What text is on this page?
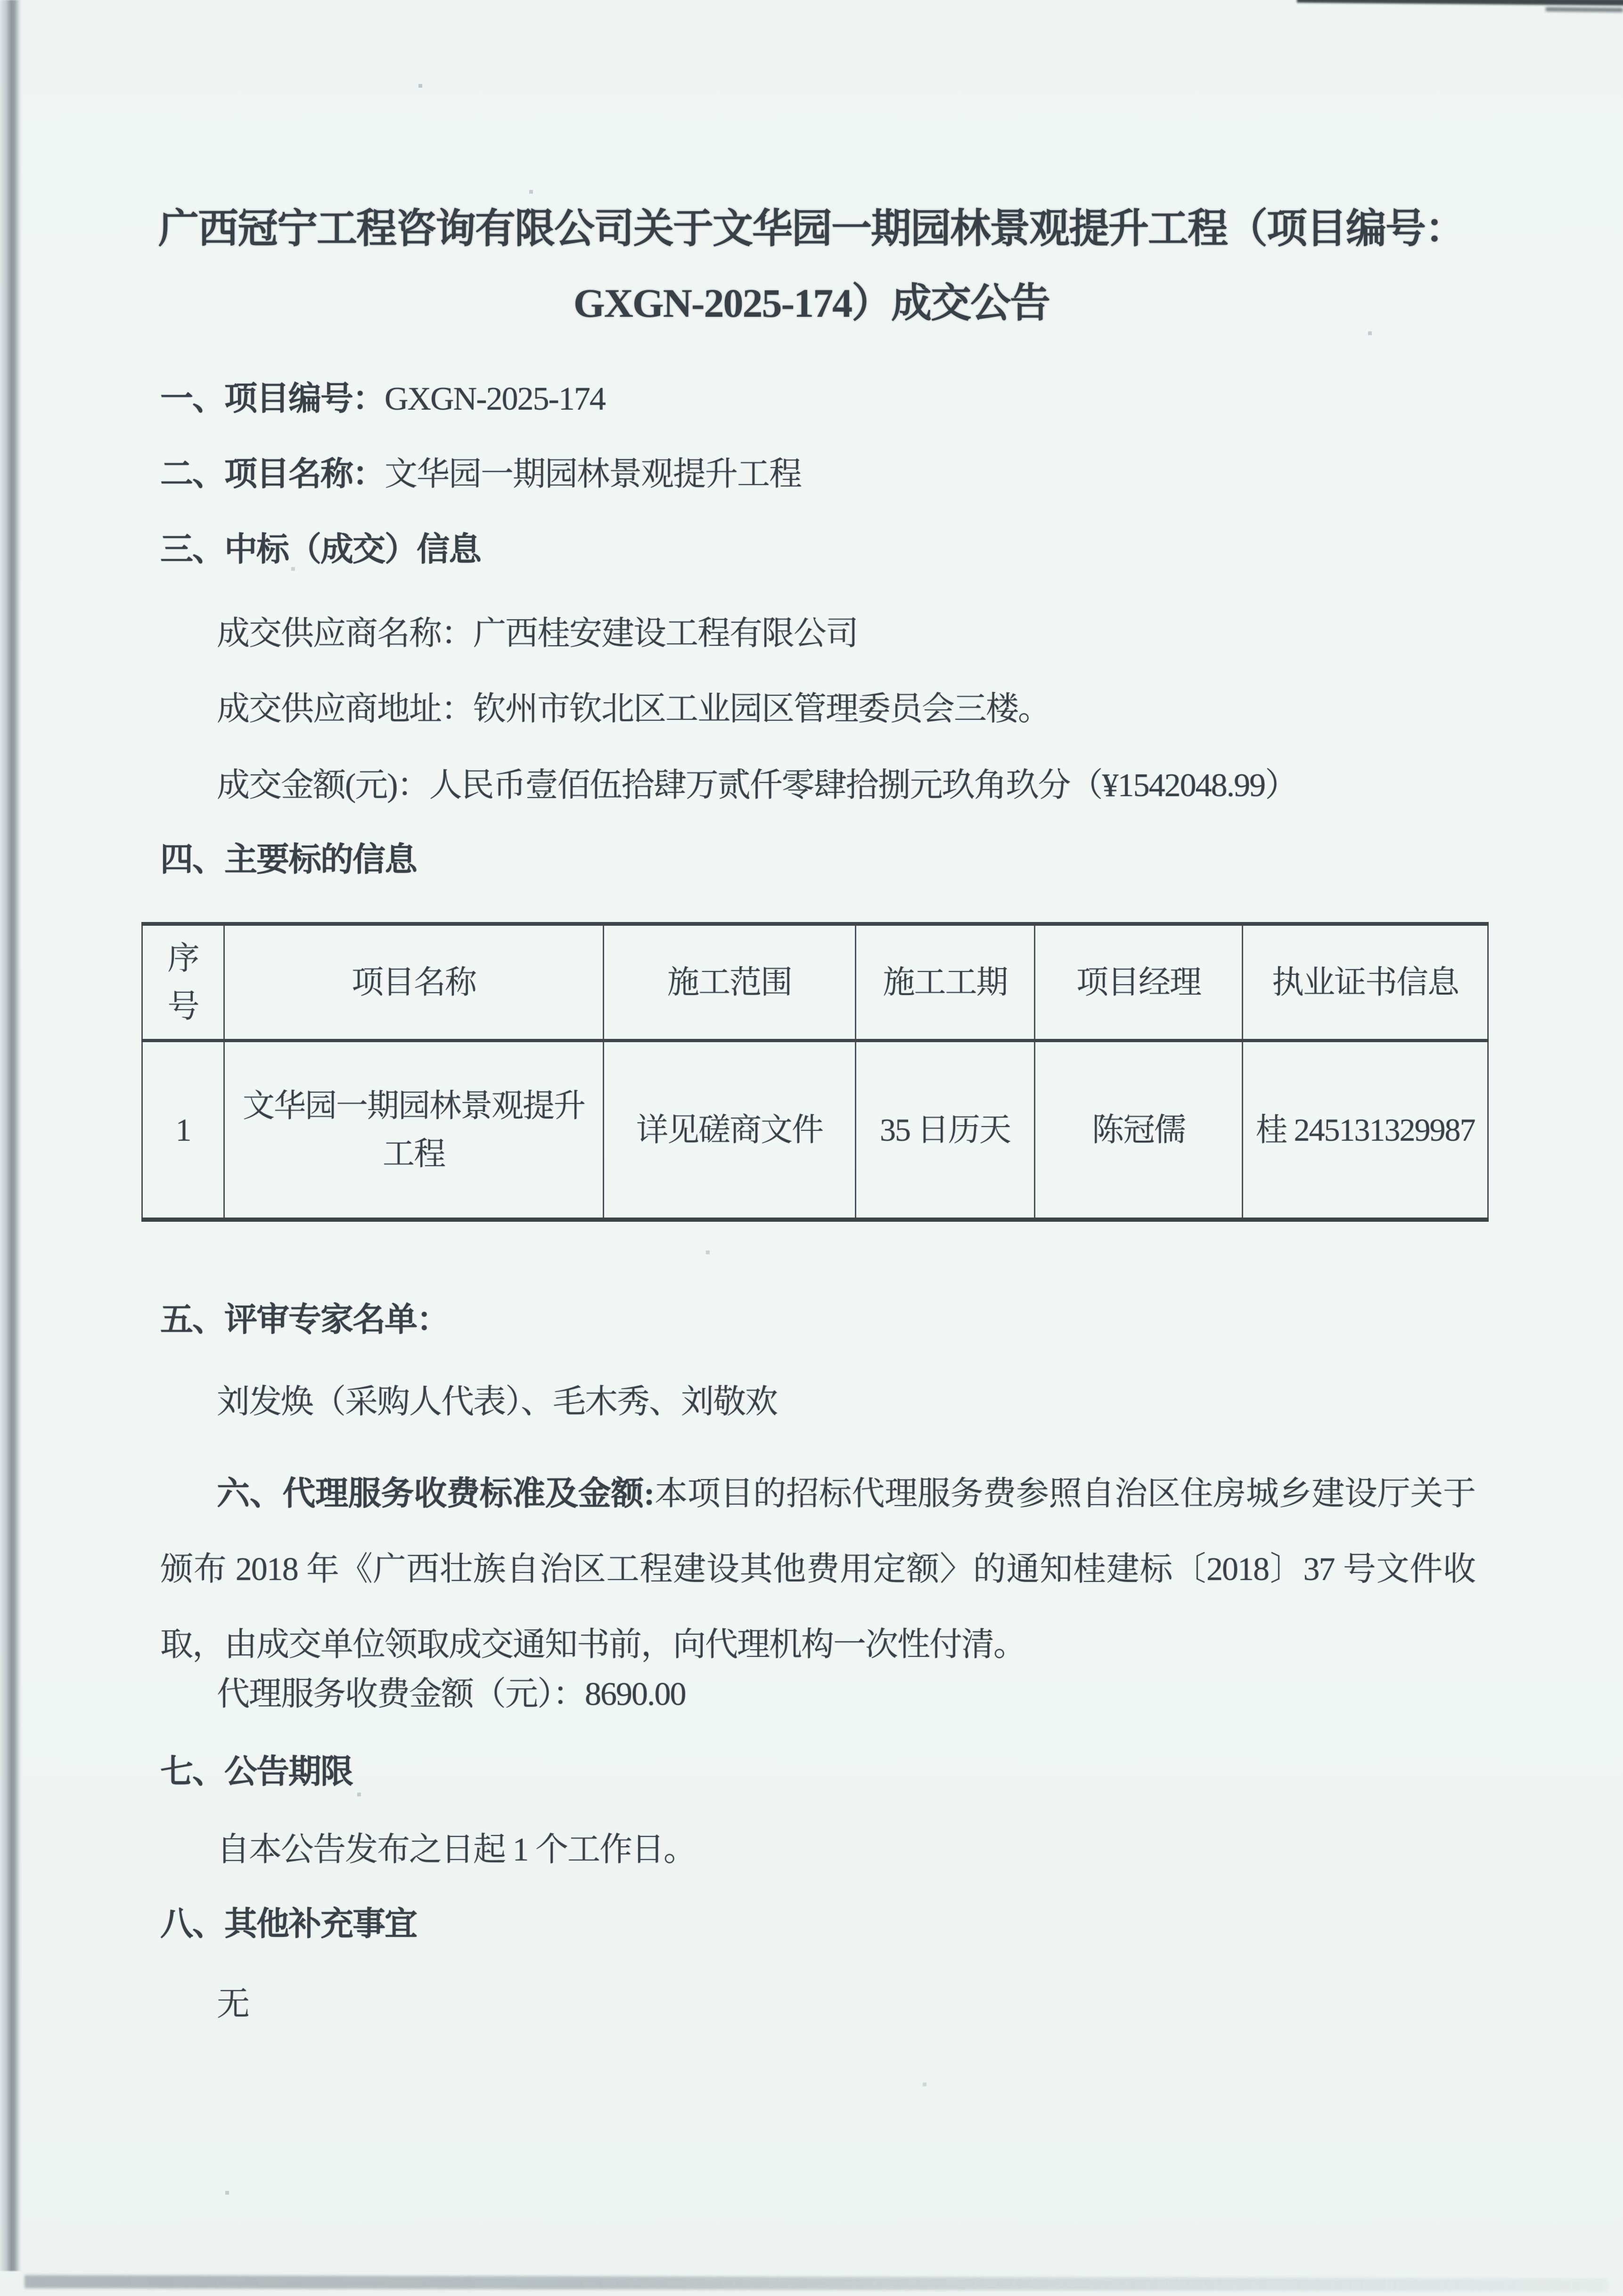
广西冠宁工程咨询有限公司关于文华园一期园林景观提升工程（项目编号：
GXGN-2025-174）成交公告
一、项目编号：GXGN-2025-174
二、项目名称：文华园一期园林景观提升工程
三、中标（成交）信息
成交供应商名称：广西桂安建设工程有限公司
成交供应商地址：钦州市钦北区工业园区管理委员会三楼。
成交金额(元)：人民币壹佰伍拾肆万贰仟零肆拾捌元玖角玖分（¥1542048.99）
四、主要标的信息
序号	项目名称	施工范围	施工工期	项目经理	执业证书信息
1	文华园一期园林景观提升工程	详见磋商文件	35 日历天	陈冠儒	桂 245131329987
五、评审专家名单：
刘发焕（采购人代表）、毛木秀、刘敬欢
六、代理服务收费标准及金额:本项目的招标代理服务费参照自治区住房城乡建设厅关于颁布 2018 年《广西壮族自治区工程建设其他费用定额〉的通知桂建标〔2018〕37 号文件收取，由成交单位领取成交通知书前，向代理机构一次性付清。
代理服务收费金额（元）：8690.00
七、公告期限
自本公告发布之日起 1 个工作日。
八、其他补充事宜
无
